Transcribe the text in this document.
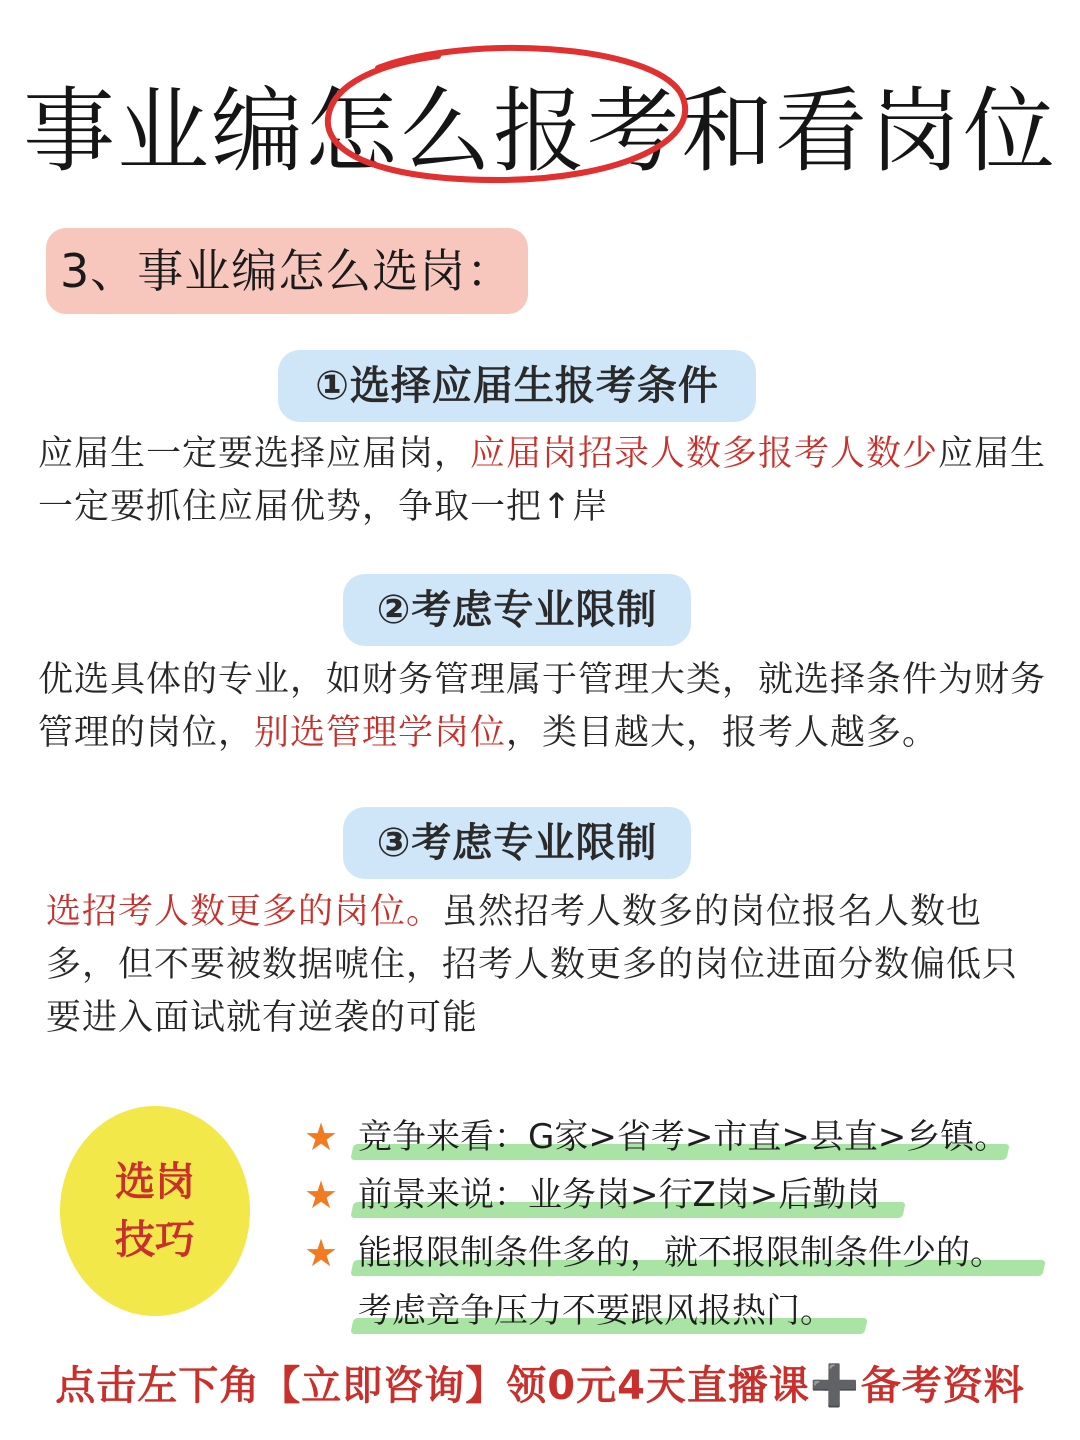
事业编怎么报考和看岗位
3、事业编怎么选岗：
①选择应届生报考条件
应届生一定要选择应届岗，应届岗招录人数多报考人数少应届生一定要抓住应届优势，争取一把↑岸
②考虑专业限制
优选具体的专业，如财务管理属于管理大类，就选择条件为财务管理的岗位，别选管理学岗位，类目越大，报考人越多。
③考虑专业限制
选招考人数更多的岗位。虽然招考人数多的岗位报名人数也多，但不要被数据唬住，招考人数更多的岗位进面分数偏低只要进入面试就有逆袭的可能
选岗技巧
★ 竞争来看：G家>省考>市直>县直>乡镇。
★ 前景来说：业务岗>行Z岗>后勤岗
★ 能报限制条件多的，就不报限制条件少的。
考虑竞争压力不要跟风报热门。
点击左下角【立即咨询】领0元4天直播课➕备考资料
